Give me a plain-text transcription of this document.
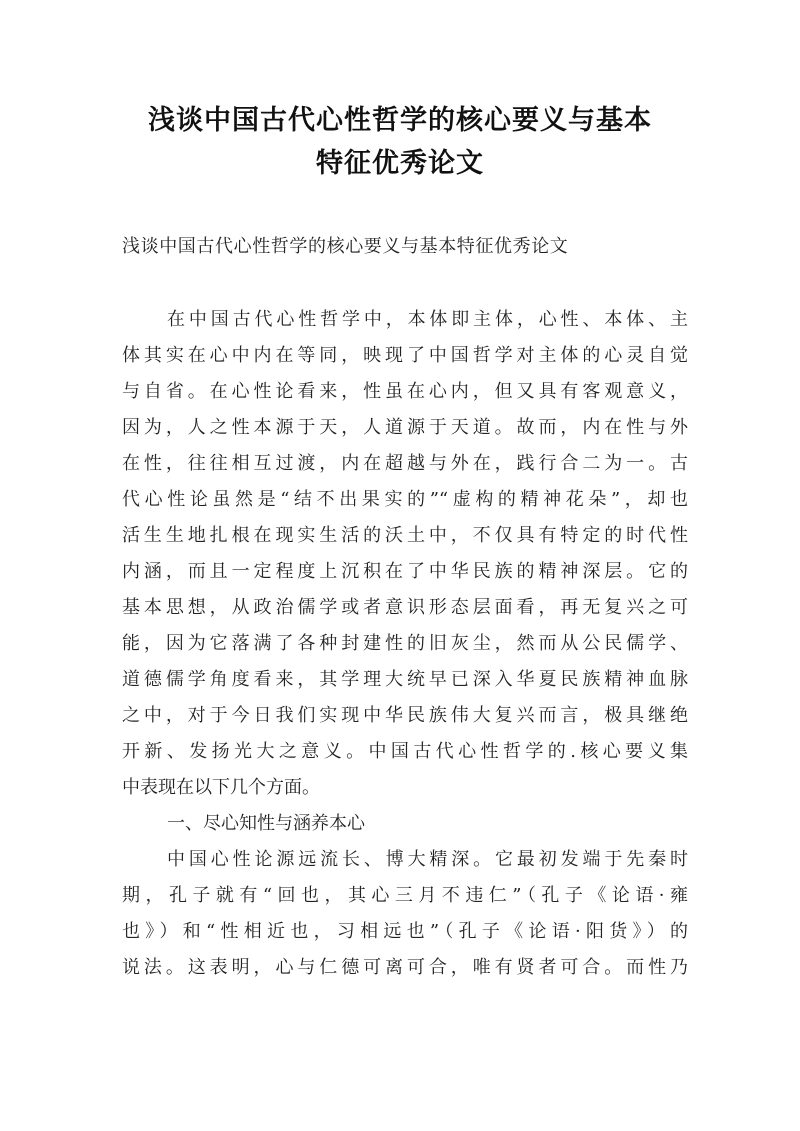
浅谈中国古代心性哲学的核心要义与基本
特征优秀论文
浅谈中国古代心性哲学的核心要义与基本特征优秀论文
在中国古代心性哲学中，本体即主体，心性、本体、主
体其实在心中内在等同，映现了中国哲学对主体的心灵自觉
与自省。在心性论看来，性虽在心内，但又具有客观意义，
因为，人之性本源于天，人道源于天道。故而，内在性与外
在性，往往相互过渡，内在超越与外在，践行合二为一。古
代心性论虽然是“结不出果实的”“虚构的精神花朵”，却也
活生生地扎根在现实生活的沃土中，不仅具有特定的时代性
内涵，而且一定程度上沉积在了中华民族的精神深层。它的
基本思想，从政治儒学或者意识形态层面看，再无复兴之可
能，因为它落满了各种封建性的旧灰尘，然而从公民儒学、
道德儒学角度看来，其学理大统早已深入华夏民族精神血脉
之中，对于今日我们实现中华民族伟大复兴而言，极具继绝
开新、发扬光大之意义。中国古代心性哲学的.核心要义集
中表现在以下几个方面。
一、尽心知性与涵养本心
中国心性论源远流长、博大精深。它最初发端于先秦时
期，孔子就有“回也，其心三月不违仁”（孔子《论语·雍
也》）和“性相近也，习相远也”（孔子《论语·阳货》）的
说法。这表明，心与仁德可离可合，唯有贤者可合。而性乃
